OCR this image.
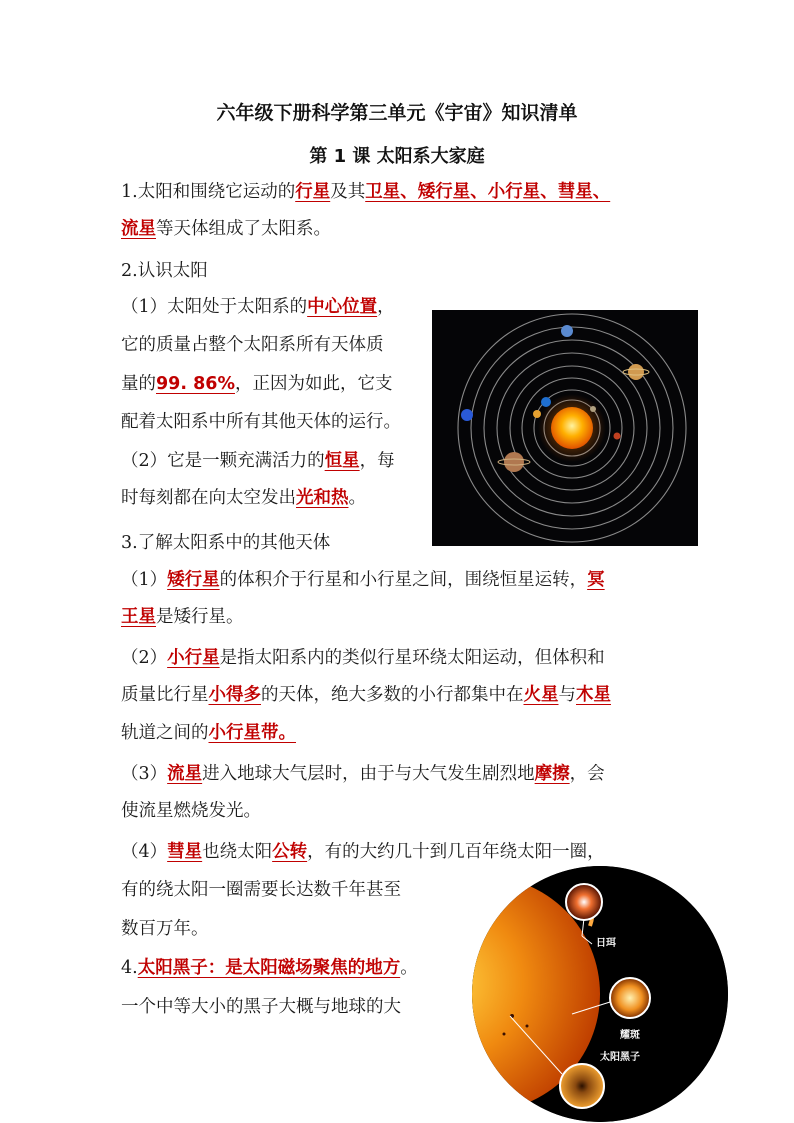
六年级下册科学第三单元《宇宙》知识清单
第 1 课 太阳系大家庭
1.太阳和围绕它运动的行星及其卫星、矮行星、小行星、彗星、
流星等天体组成了太阳系。
2.认识太阳
（1）太阳处于太阳系的中心位置，
它的质量占整个太阳系所有天体质
量的99. 86%，正因为如此，它支
配着太阳系中所有其他天体的运行。
（2）它是一颗充满活力的恒星，每
时每刻都在向太空发出光和热。
3.了解太阳系中的其他天体
（1）矮行星的体积介于行星和小行星之间，围绕恒星运转，冥
王星是矮行星。
（2）小行星是指太阳系内的类似行星环绕太阳运动，但体积和
质量比行星小得多的天体，绝大多数的小行都集中在火星与木星
轨道之间的小行星带。
（3）流星进入地球大气层时，由于与大气发生剧烈地摩擦，会
使流星燃烧发光。
（4）彗星也绕太阳公转，有的大约几十到几百年绕太阳一圈，
有的绕太阳一圈需要长达数千年甚至
数百万年。
4.太阳黑子：是太阳磁场聚焦的地方。
一个中等大小的黑子大概与地球的大
日珥
耀斑
太阳黑子
